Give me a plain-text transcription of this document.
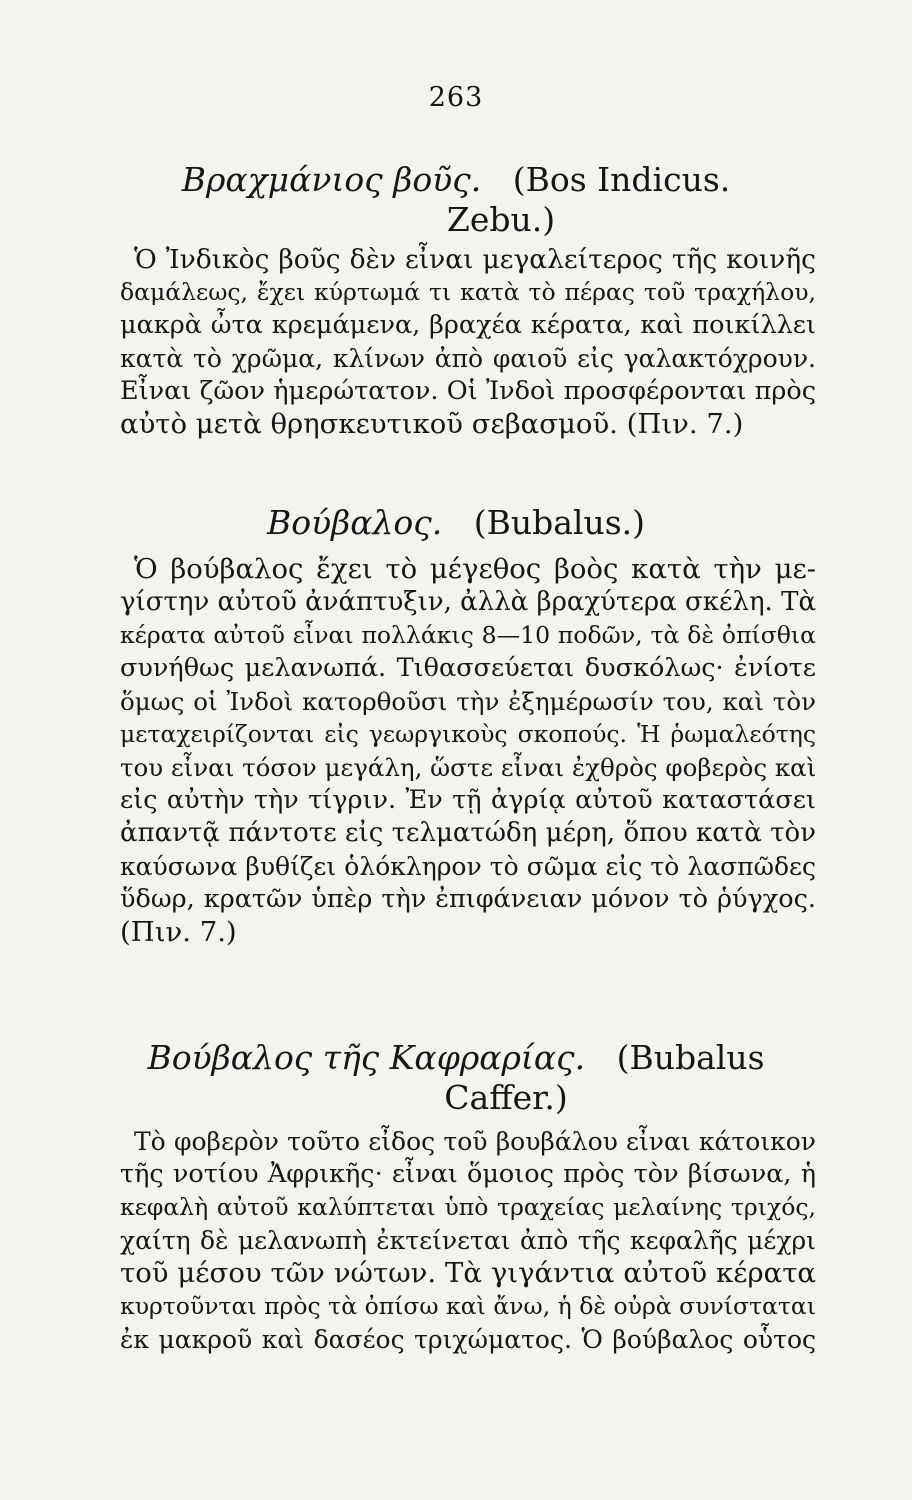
263
Βραχμάνιος βοῦς. (Bos Indicus.
Zebu.)
Ὁ Ἰνδικὸς βοῦς δὲν εἶναι μεγαλείτερος τῆς κοινῆς
δαμάλεως, ἔχει κύρτωμά τι κατὰ τὸ πέρας τοῦ τραχήλου,
μακρὰ ὦτα κρεμάμενα, βραχέα κέρατα, καὶ ποικίλλει
κατὰ τὸ χρῶμα, κλίνων ἀπὸ φαιοῦ εἰς γαλακτόχρουν.
Εἶναι ζῶον ἡμερώτατον. Οἱ Ἰνδοὶ προσφέρονται πρὸς
αὐτὸ μετὰ θρησκευτικοῦ σεβασμοῦ. (Πιν. 7.)
Βούβαλος. (Bubalus.)
Ὁ βούβαλος ἔχει τὸ μέγεθος βοὸς κατὰ τὴν με-
γίστην αὐτοῦ ἀνάπτυξιν, ἀλλὰ βραχύτερα σκέλη. Τὰ
κέρατα αὐτοῦ εἶναι πολλάκις 8—10 ποδῶν, τὰ δὲ ὀπίσθια
συνήθως μελανωπά. Τιθασσεύεται δυσκόλως· ἐνίοτε
ὅμως οἱ Ἰνδοὶ κατορθοῦσι τὴν ἐξημέρωσίν του, καὶ τὸν
μεταχειρίζονται εἰς γεωργικοὺς σκοπούς. Ἡ ῥωμαλεότης
του εἶναι τόσον μεγάλη, ὥστε εἶναι ἐχθρὸς φοβερὸς καὶ
εἰς αὐτὴν τὴν τίγριν. Ἐν τῇ ἀγρίᾳ αὐτοῦ καταστάσει
ἀπαντᾷ πάντοτε εἰς τελματώδη μέρη, ὅπου κατὰ τὸν
καύσωνα βυθίζει ὁλόκληρον τὸ σῶμα εἰς τὸ λασπῶδες
ὕδωρ, κρατῶν ὑπὲρ τὴν ἐπιφάνειαν μόνον τὸ ῥύγχος.
(Πιν. 7.)
Βούβαλος τῆς Καφραρίας. (Bubalus
Caffer.)
Τὸ φοβερὸν τοῦτο εἶδος τοῦ βουβάλου εἶναι κάτοικον
τῆς νοτίου Ἀφρικῆς· εἶναι ὅμοιος πρὸς τὸν βίσωνα, ἡ
κεφαλὴ αὐτοῦ καλύπτεται ὑπὸ τραχείας μελαίνης τριχός,
χαίτη δὲ μελανωπὴ ἐκτείνεται ἀπὸ τῆς κεφαλῆς μέχρι
τοῦ μέσου τῶν νώτων. Τὰ γιγάντια αὐτοῦ κέρατα
κυρτοῦνται πρὸς τὰ ὀπίσω καὶ ἄνω, ἡ δὲ οὐρὰ συνίσταται
ἐκ μακροῦ καὶ δασέος τριχώματος. Ὁ βούβαλος οὗτος
